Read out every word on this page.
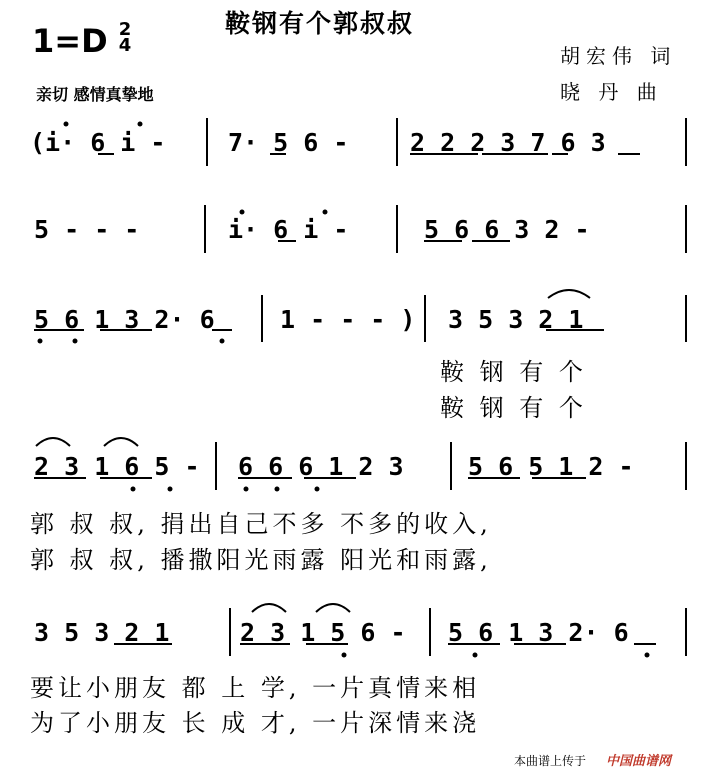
鞍钢有个郭叔叔
1=D 2
4	胡宏伟 词
晓 丹 曲
亲切 感情真挚地
(i· 6 i -	7· 5 6 - 2 2 2 3 7 6 3
5 - - -	i· 6 i -	5 6 6 3 2 -
5 6 1 3 2· 6	1 - - - ) 3 5 3 2 1
鞍 钢 有 个
鞍 钢 有 个
2 3 1 6 5 - 6 6 6 1 2 3	5 6 5 1 2 -
郭 叔 叔, 捐出自己不多 不多的收入,
郭 叔 叔, 播撒阳光雨露 阳光和雨露,
3 5 3 2 1	2 3 1 5 6 - 5 6 1 3 2· 6
要让小朋友 都 上 学, 一片真情来相
为了小朋友 长 成 才, 一片深情来浇
本曲谱上传于 中国曲谱网
